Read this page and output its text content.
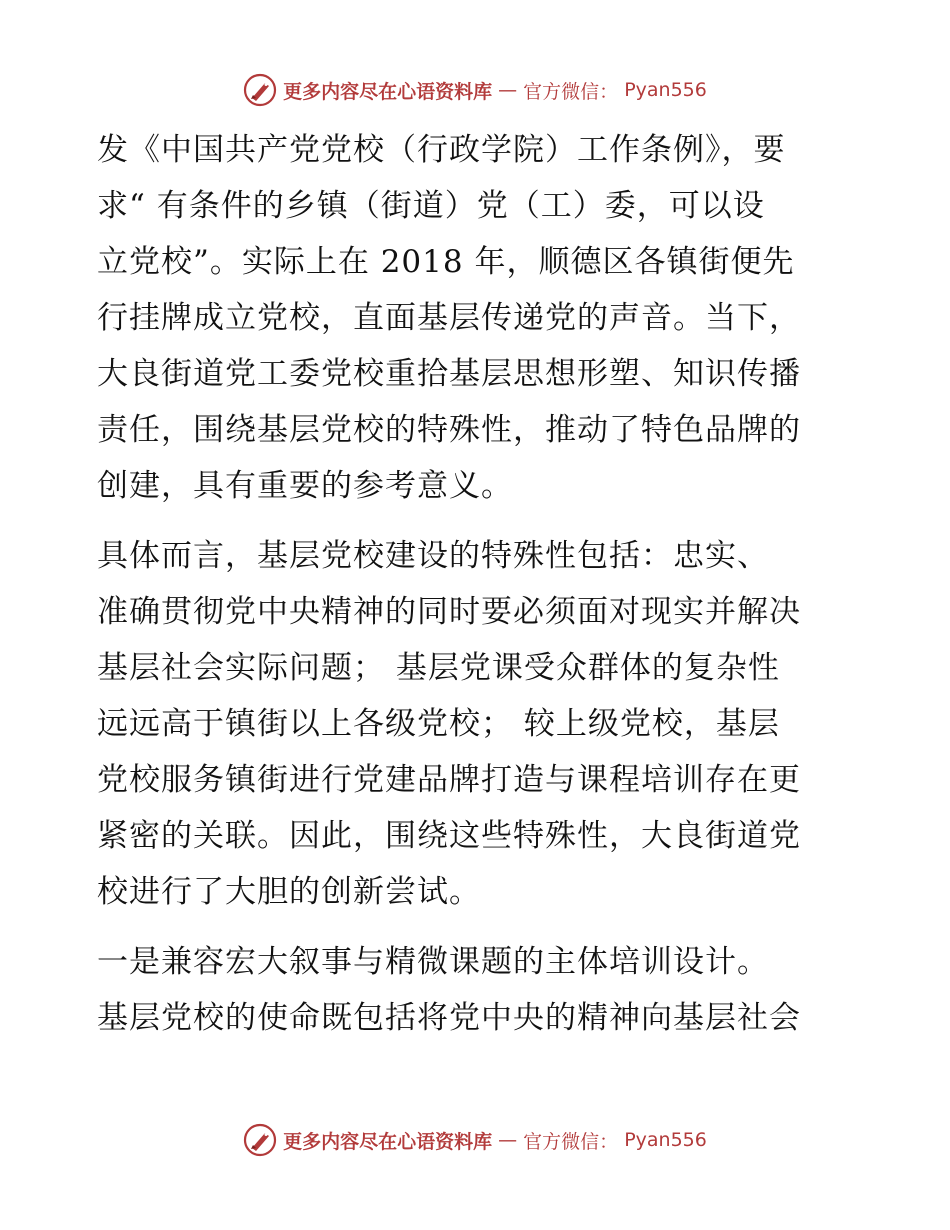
更多内容尽在心语资料库 — 官方微信： Pyan556

发《中国共产党党校（行政学院）工作条例》，要
求“ 有条件的乡镇（街道）党（工）委，可以设
立党校”。实际上在 2018 年，顺德区各镇街便先
行挂牌成立党校，直面基层传递党的声音。当下，
大良街道党工委党校重拾基层思想形塑、知识传播
责任，围绕基层党校的特殊性，推动了特色品牌的
创建，具有重要的参考意义。

具体而言，基层党校建设的特殊性包括：忠实、
准确贯彻党中央精神的同时要必须面对现实并解决
基层社会实际问题； 基层党课受众群体的复杂性
远远高于镇街以上各级党校； 较上级党校，基层
党校服务镇街进行党建品牌打造与课程培训存在更
紧密的关联。因此，围绕这些特殊性，大良街道党
校进行了大胆的创新尝试。

一是兼容宏大叙事与精微课题的主体培训设计。
基层党校的使命既包括将党中央的精神向基层社会

更多内容尽在心语资料库 — 官方微信： Pyan556
